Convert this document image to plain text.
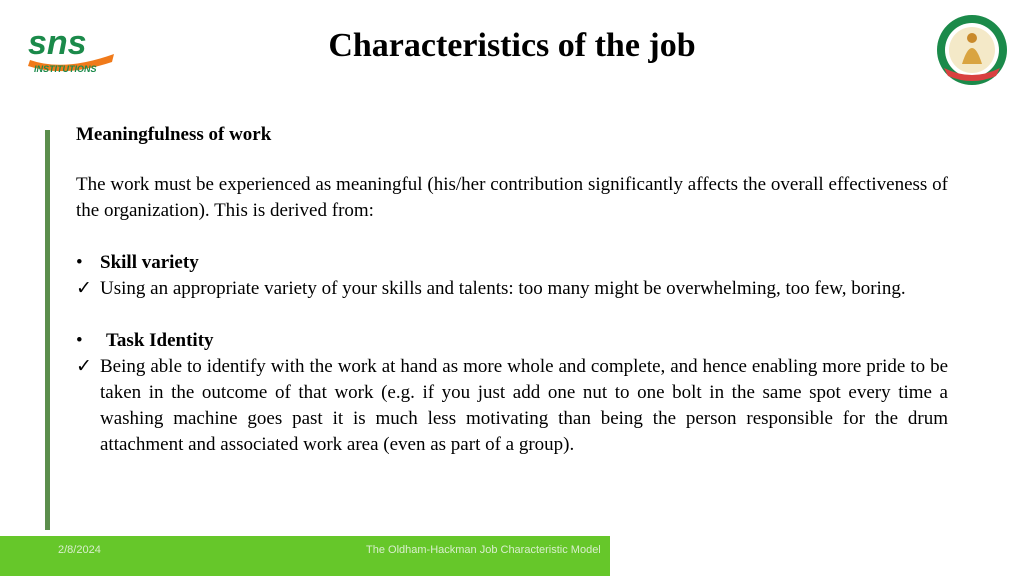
sns
INSTITUTIONS
Characteristics of the job

Meaningfulness of work

The work must be experienced as meaningful (his/her contribution significantly affects the overall effectiveness of the organization). This is derived from:

• Skill variety

✓ Using an appropriate variety of your skills and talents: too many might be overwhelming, too few, boring.

•	Task Identity

✓ Being able to identify with the work at hand as more whole and complete, and hence enabling more pride to be taken in the outcome of that work (e.g. if you just add one nut to one bolt in the same spot every time a washing machine goes past it is much less motivating than being the person responsible for the drum attachment and associated work area (even as part of a group).

2/8/2024	The Oldham-Hackman Job Characteristic Model
